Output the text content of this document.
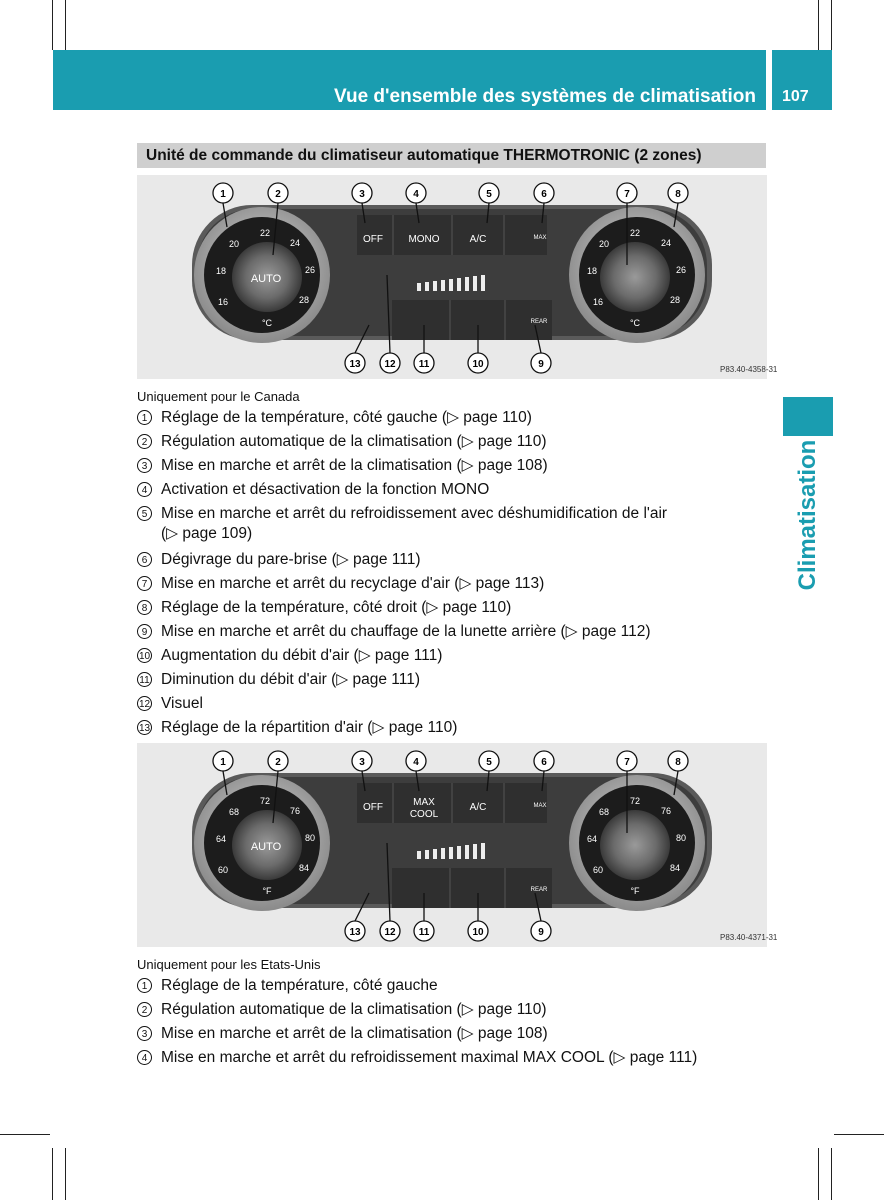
Vue d'ensemble des systèmes de climatisation 107
Climatisation
Unité de commande du climatiseur automatique THERMOTRONIC (2 zones)
AUTO
°C	°C
16
18
20
22
24
26
28	16
18
20
22
24
26
28
OFF	MONO	A/C	MAX
REAR
P83.40-4358-31
1	2	3	4	5	6	7	8
13 12 11	10	9
Uniquement pour le Canada
1 Réglage de la température, côté gauche (▷ page 110)
2 Régulation automatique de la climatisation (▷ page 110)
3 Mise en marche et arrêt de la climatisation (▷ page 108)
4 Activation et désactivation de la fonction MONO
5 Mise en marche et arrêt du refroidissement avec déshumidification de l'air
(▷ page 109)
6 Dégivrage du pare-brise (▷ page 111)
7 Mise en marche et arrêt du recyclage d'air (▷ page 113)
8 Réglage de la température, côté droit (▷ page 110)
9 Mise en marche et arrêt du chauffage de la lunette arrière (▷ page 112)
10 Augmentation du débit d'air (▷ page 111)
11 Diminution du débit d'air (▷ page 111)
12 Visuel
13 Réglage de la répartition d'air (▷ page 110)
AUTO
°F	°F
60
64
68
72
76
80
84	60
64
68
72
76
80
84
OFF	MAX
COOL
A/C	MAX
REAR
P83.40-4371-31
1	2	3	4	5	6	7	8
13 12 11	10	9
Uniquement pour les Etats-Unis
1 Réglage de la température, côté gauche
2 Régulation automatique de la climatisation (▷ page 110)
3 Mise en marche et arrêt de la climatisation (▷ page 108)
4 Mise en marche et arrêt du refroidissement maximal MAX COOL (▷ page 111)
